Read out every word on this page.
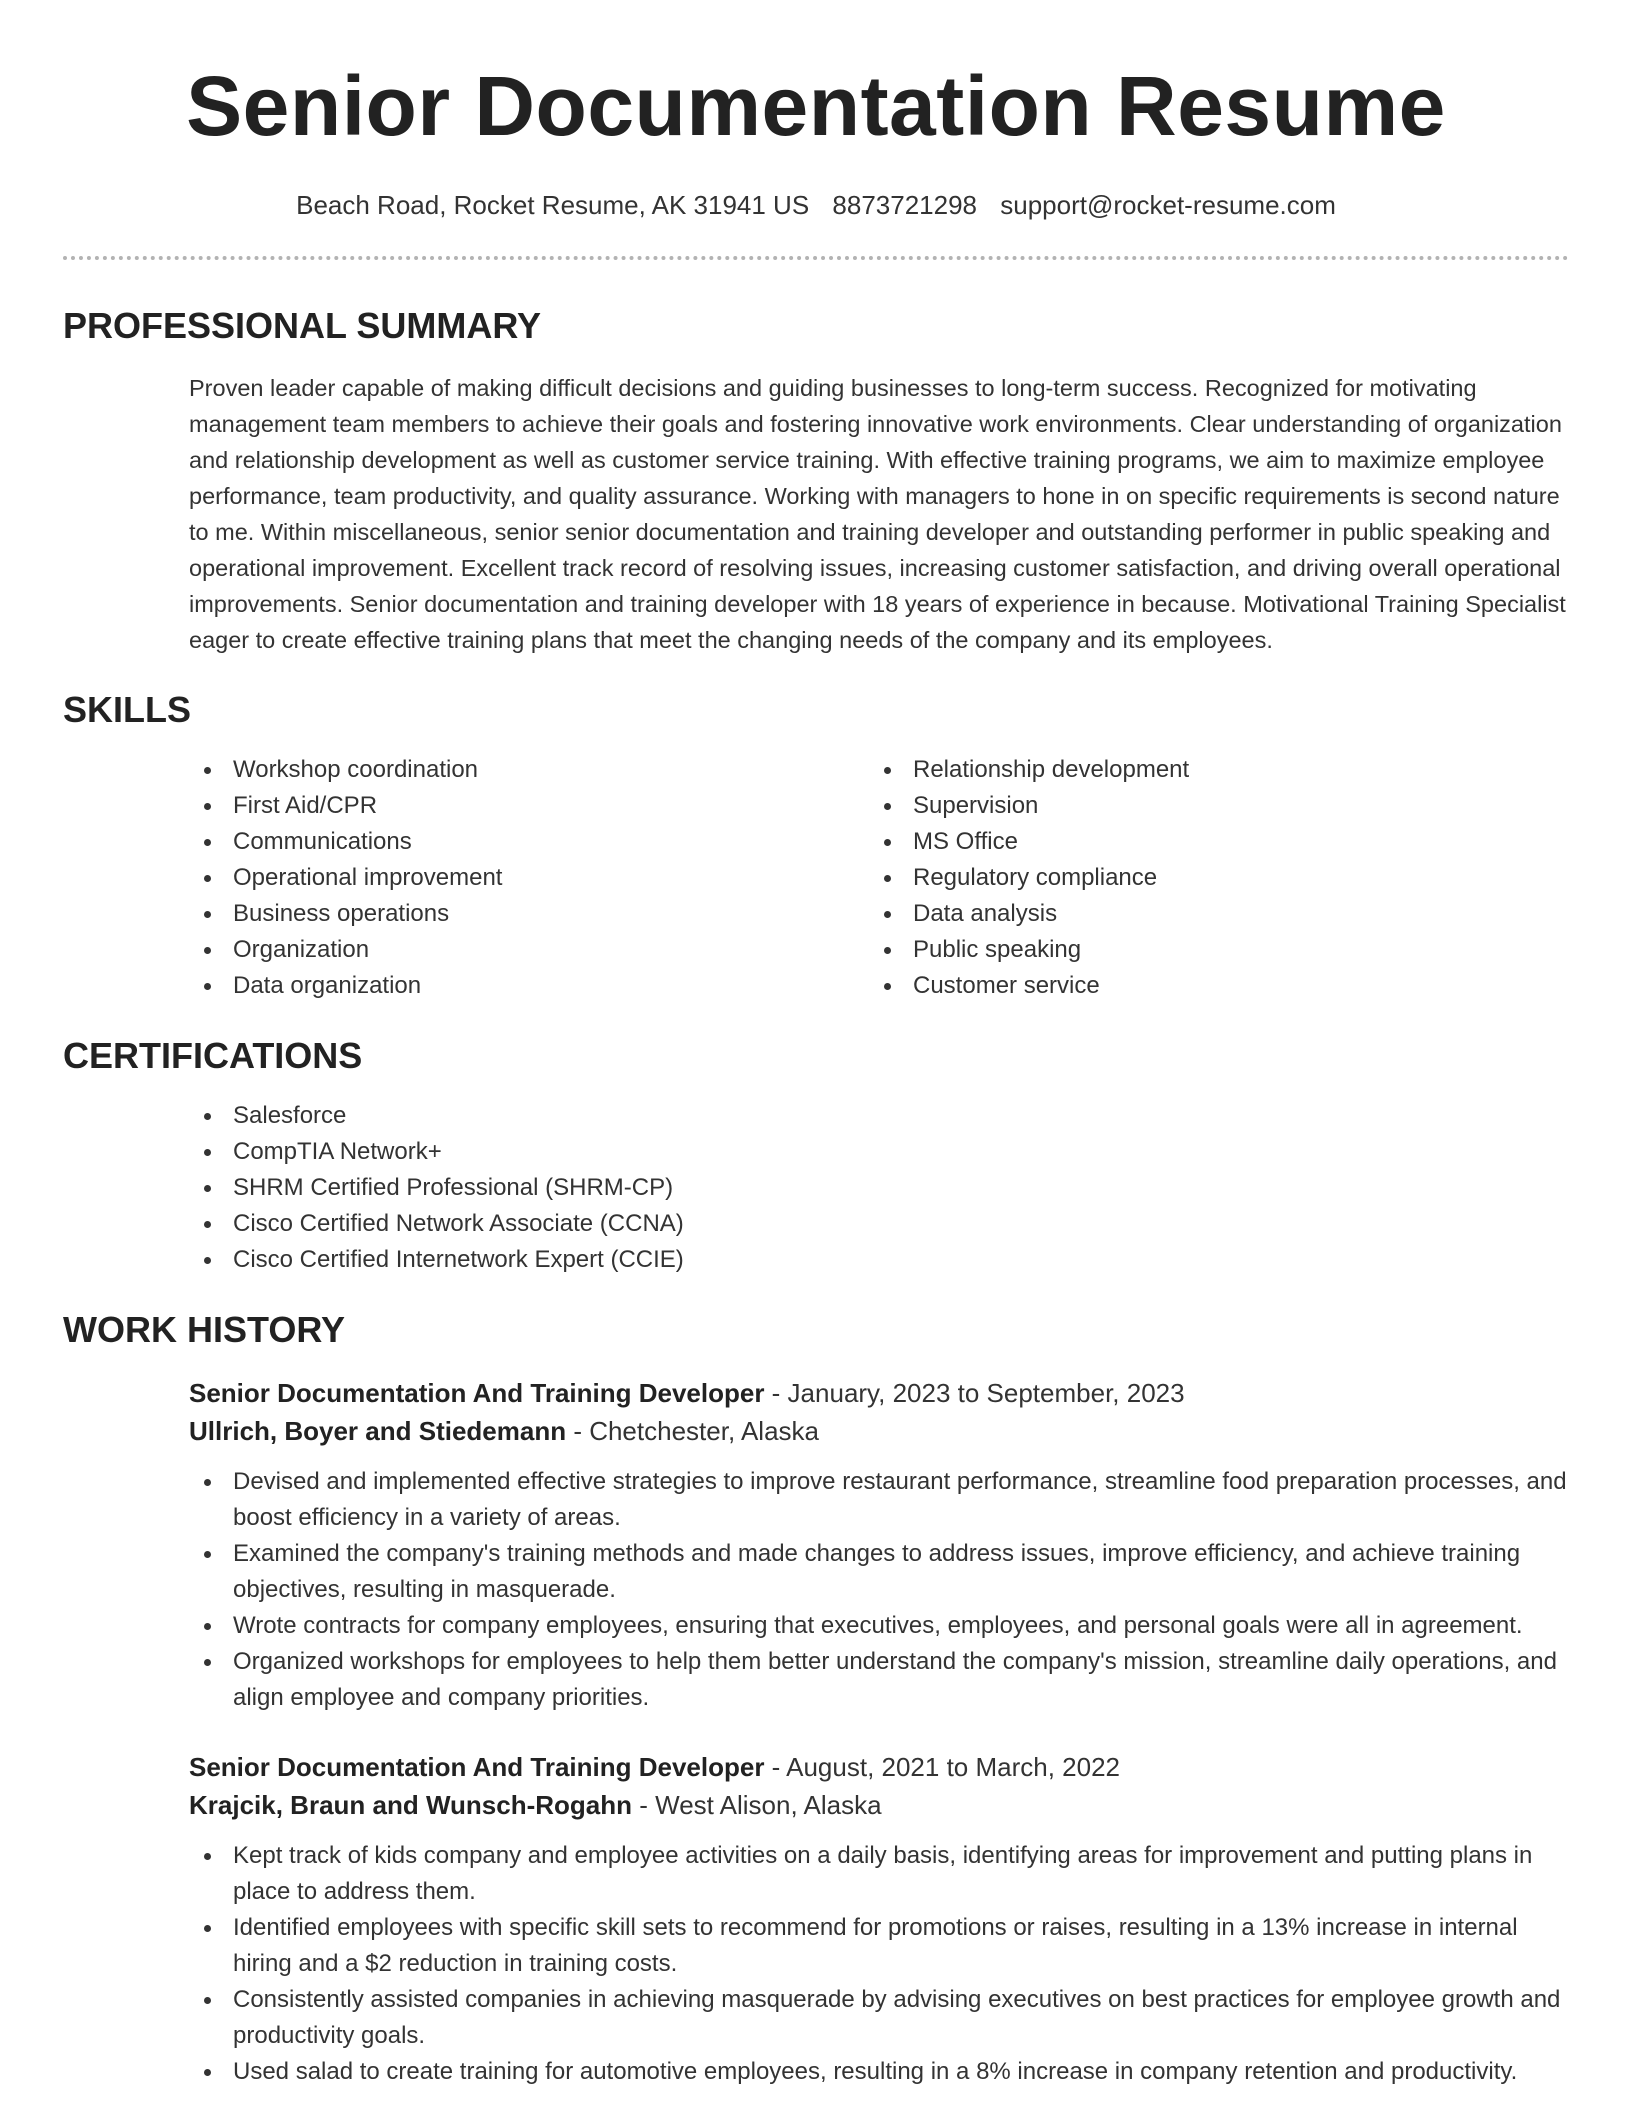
Senior Documentation Resume
Beach Road, Rocket Resume, AK 31941 US 8873721298 support@rocket-resume.com
PROFESSIONAL SUMMARY
Proven leader capable of making difficult decisions and guiding businesses to long-term success. Recognized for motivating management team members to achieve their goals and fostering innovative work environments. Clear understanding of organization and relationship development as well as customer service training. With effective training programs, we aim to maximize employee performance, team productivity, and quality assurance. Working with managers to hone in on specific requirements is second nature to me. Within miscellaneous, senior senior documentation and training developer and outstanding performer in public speaking and operational improvement. Excellent track record of resolving issues, increasing customer satisfaction, and driving overall operational improvements. Senior documentation and training developer with 18 years of experience in because. Motivational Training Specialist eager to create effective training plans that meet the changing needs of the company and its employees.
SKILLS
Workshop coordination
First Aid/CPR
Communications
Operational improvement
Business operations
Organization
Data organization
Relationship development
Supervision
MS Office
Regulatory compliance
Data analysis
Public speaking
Customer service
CERTIFICATIONS
Salesforce
CompTIA Network+
SHRM Certified Professional (SHRM-CP)
Cisco Certified Network Associate (CCNA)
Cisco Certified Internetwork Expert (CCIE)
WORK HISTORY
Senior Documentation And Training Developer - January, 2023 to September, 2023
Ullrich, Boyer and Stiedemann - Chetchester, Alaska
Devised and implemented effective strategies to improve restaurant performance, streamline food preparation processes, and boost efficiency in a variety of areas.
Examined the company's training methods and made changes to address issues, improve efficiency, and achieve training objectives, resulting in masquerade.
Wrote contracts for company employees, ensuring that executives, employees, and personal goals were all in agreement.
Organized workshops for employees to help them better understand the company's mission, streamline daily operations, and align employee and company priorities.
Senior Documentation And Training Developer - August, 2021 to March, 2022
Krajcik, Braun and Wunsch-Rogahn - West Alison, Alaska
Kept track of kids company and employee activities on a daily basis, identifying areas for improvement and putting plans in place to address them.
Identified employees with specific skill sets to recommend for promotions or raises, resulting in a 13% increase in internal hiring and a $2 reduction in training costs.
Consistently assisted companies in achieving masquerade by advising executives on best practices for employee growth and productivity goals.
Used salad to create training for automotive employees, resulting in a 8% increase in company retention and productivity.
